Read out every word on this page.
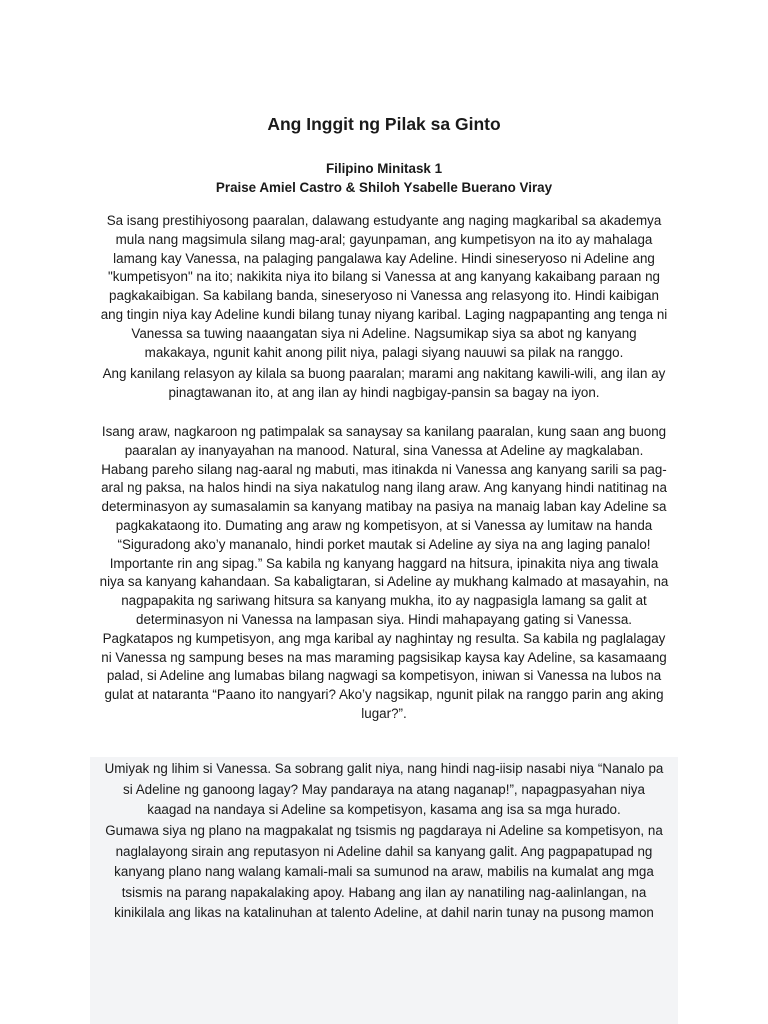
Ang Inggit ng Pilak sa Ginto
Filipino Minitask 1
Praise Amiel Castro & Shiloh Ysabelle Buerano Viray

Sa isang prestihiyosong paaralan, dalawang estudyante ang naging magkaribal sa akademya
mula nang magsimula silang mag-aral; gayunpaman, ang kumpetisyon na ito ay mahalaga
lamang kay Vanessa, na palaging pangalawa kay Adeline. Hindi sineseryoso ni Adeline ang
"kumpetisyon" na ito; nakikita niya ito bilang si Vanessa at ang kanyang kakaibang paraan ng
pagkakaibigan. Sa kabilang banda, sineseryoso ni Vanessa ang relasyong ito. Hindi kaibigan
ang tingin niya kay Adeline kundi bilang tunay niyang karibal. Laging nagpapanting ang tenga ni
Vanessa sa tuwing naaangatan siya ni Adeline. Nagsumikap siya sa abot ng kanyang
makakaya, ngunit kahit anong pilit niya, palagi siyang nauuwi sa pilak na ranggo.

Ang kanilang relasyon ay kilala sa buong paaralan; marami ang nakitang kawili-wili, ang ilan ay
pinagtawanan ito, at ang ilan ay hindi nagbigay-pansin sa bagay na iyon.

Isang araw, nagkaroon ng patimpalak sa sanaysay sa kanilang paaralan, kung saan ang buong
paaralan ay inanyayahan na manood. Natural, sina Vanessa at Adeline ay magkalaban.
Habang pareho silang nag-aaral ng mabuti, mas itinakda ni Vanessa ang kanyang sarili sa pag-
aral ng paksa, na halos hindi na siya nakatulog nang ilang araw. Ang kanyang hindi natitinag na
determinasyon ay sumasalamin sa kanyang matibay na pasiya na manaig laban kay Adeline sa
pagkakataong ito. Dumating ang araw ng kompetisyon, at si Vanessa ay lumitaw na handa
“Siguradong ako’y mananalo, hindi porket mautak si Adeline ay siya na ang laging panalo!
Importante rin ang sipag.” Sa kabila ng kanyang haggard na hitsura, ipinakita niya ang tiwala
niya sa kanyang kahandaan. Sa kabaligtaran, si Adeline ay mukhang kalmado at masayahin, na
nagpapakita ng sariwang hitsura sa kanyang mukha, ito ay nagpasigla lamang sa galit at
determinasyon ni Vanessa na lampasan siya. Hindi mahapayang gating si Vanessa.
Pagkatapos ng kumpetisyon, ang mga karibal ay naghintay ng resulta. Sa kabila ng paglalagay
ni Vanessa ng sampung beses na mas maraming pagsisikap kaysa kay Adeline, sa kasamaang
palad, si Adeline ang lumabas bilang nagwagi sa kompetisyon, iniwan si Vanessa na lubos na
gulat at nataranta “Paano ito nangyari? Ako’y nagsikap, ngunit pilak na ranggo parin ang aking
lugar?”.

Umiyak ng lihim si Vanessa. Sa sobrang galit niya, nang hindi nag-iisip nasabi niya “Nanalo pa
si Adeline ng ganoong lagay? May pandaraya na atang naganap!”, napagpasyahan niya
kaagad na nandaya si Adeline sa kompetisyon, kasama ang isa sa mga hurado.

Gumawa siya ng plano na magpakalat ng tsismis ng pagdaraya ni Adeline sa kompetisyon, na
naglalayong sirain ang reputasyon ni Adeline dahil sa kanyang galit. Ang pagpapatupad ng
kanyang plano nang walang kamali-mali sa sumunod na araw, mabilis na kumalat ang mga
tsismis na parang napakalaking apoy. Habang ang ilan ay nanatiling nag-aalinlangan, na
kinikilala ang likas na katalinuhan at talento Adeline, at dahil narin tunay na pusong mamon
